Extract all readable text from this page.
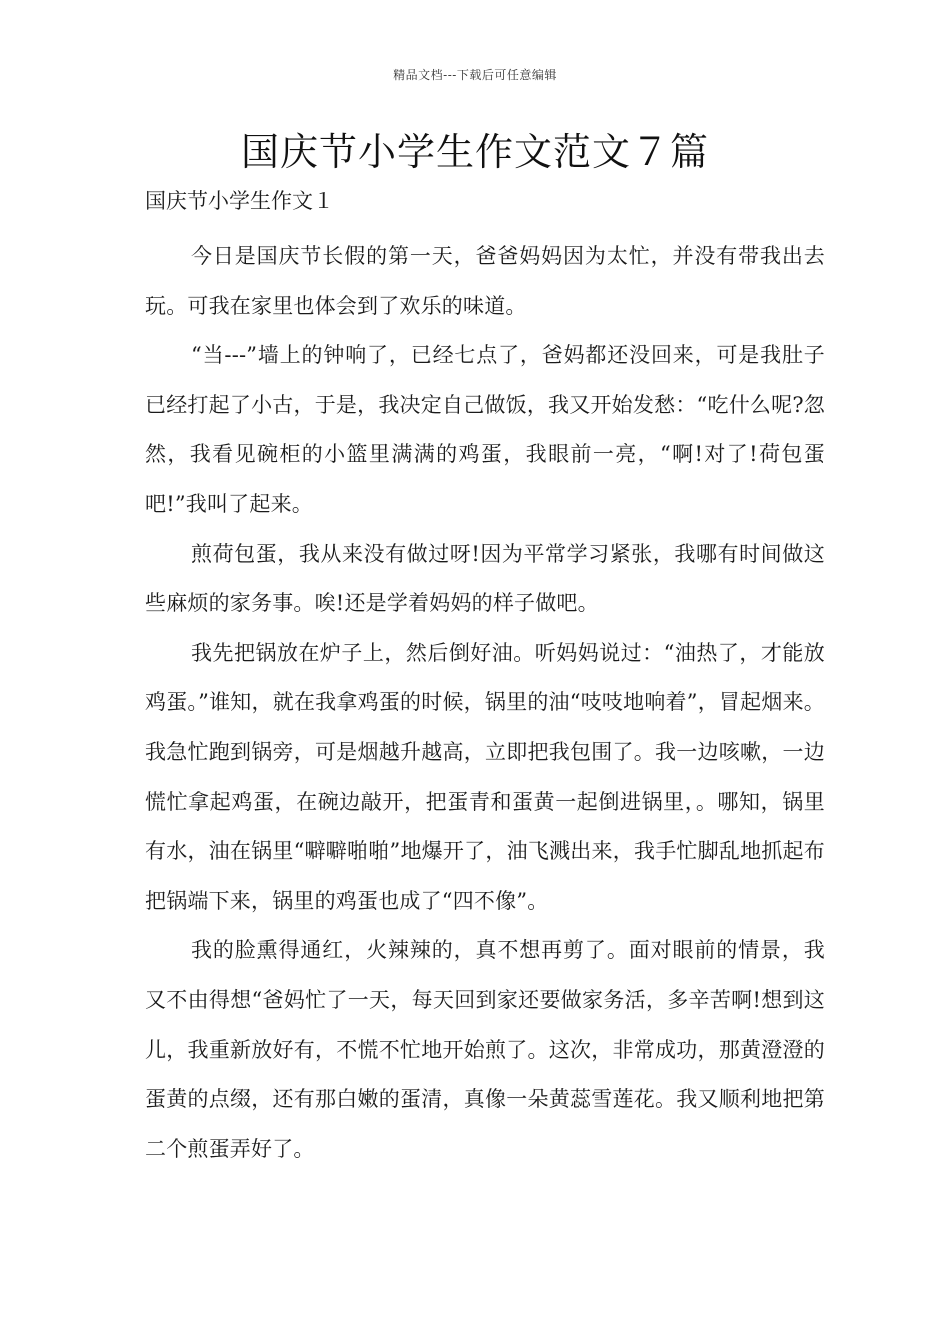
精品文档---下载后可任意编辑
国庆节小学生作文范文７篇
国庆节小学生作文１

今日是国庆节长假的第一天，爸爸妈妈因为太忙，并没有带我出去玩。可我在家里也体会到了欢乐的味道。

“当---”墙上的钟响了，已经七点了，爸妈都还没回来，可是我肚子已经打起了小古，于是，我决定自己做饭，我又开始发愁：“吃什么呢?忽然，我看见碗柜的小篮里满满的鸡蛋，我眼前一亮，“啊!对了!荷包蛋吧!”我叫了起来。

煎荷包蛋，我从来没有做过呀!因为平常学习紧张，我哪有时间做这些麻烦的家务事。唉!还是学着妈妈的样子做吧。

我先把锅放在炉子上，然后倒好油。听妈妈说过：“油热了，才能放鸡蛋。”谁知，就在我拿鸡蛋的时候，锅里的油“吱吱地响着”，冒起烟来。我急忙跑到锅旁，可是烟越升越高，立即把我包围了。我一边咳嗽，一边慌忙拿起鸡蛋，在碗边敲开，把蛋青和蛋黄一起倒进锅里，。哪知，锅里有水，油在锅里“噼噼啪啪”地爆开了，油飞溅出来，我手忙脚乱地抓起布把锅端下来，锅里的鸡蛋也成了“四不像”。

我的脸熏得通红，火辣辣的，真不想再剪了。面对眼前的情景，我又不由得想“爸妈忙了一天，每天回到家还要做家务活，多辛苦啊!想到这儿，我重新放好有，不慌不忙地开始煎了。这次，非常成功，那黄澄澄的蛋黄的点缀，还有那白嫩的蛋清，真像一朵黄蕊雪莲花。我又顺利地把第二个煎蛋弄好了。
